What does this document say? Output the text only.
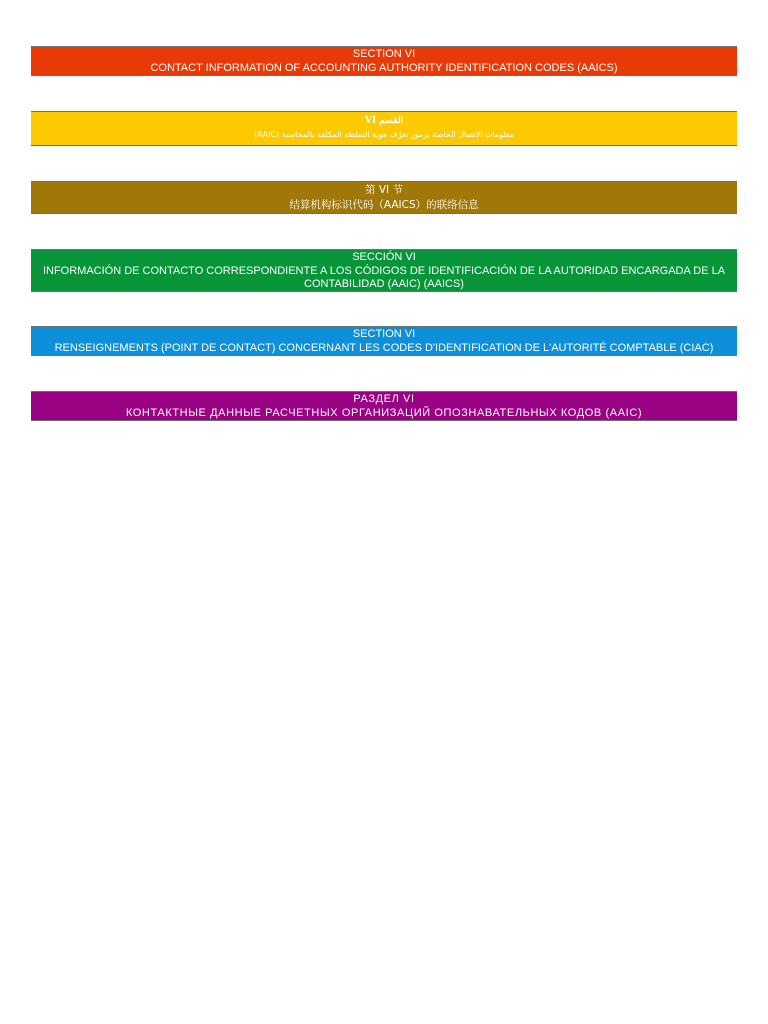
SECTION VI
CONTACT INFORMATION OF ACCOUNTING AUTHORITY IDENTIFICATION CODES (AAICS)
القسم VI
معلومات الاتصال الخاصة برموز تعرّف هوية السلطة المكلفة بالمحاسبة (AAIC)
第 VI 节
结算机构标识代码（AAICS）的联络信息
SECCIÓN VI
INFORMACIÓN DE CONTACTO CORRESPONDIENTE A LOS CÓDIGOS DE IDENTIFICACIÓN DE LA AUTORIDAD ENCARGADA DE LA CONTABILIDAD (AAIC) (AAICS)
SECTION VI
RENSEIGNEMENTS (POINT DE CONTACT) CONCERNANT LES CODES D'IDENTIFICATION DE L'AUTORITÉ COMPTABLE (CIAC)
РАЗДЕЛ VI
КОНТАКТНЫЕ ДАННЫЕ РАСЧЕТНЫХ ОРГАНИЗАЦИЙ ОПОЗНАВАТЕЛЬНЫХ КОДОВ (AAIC)
